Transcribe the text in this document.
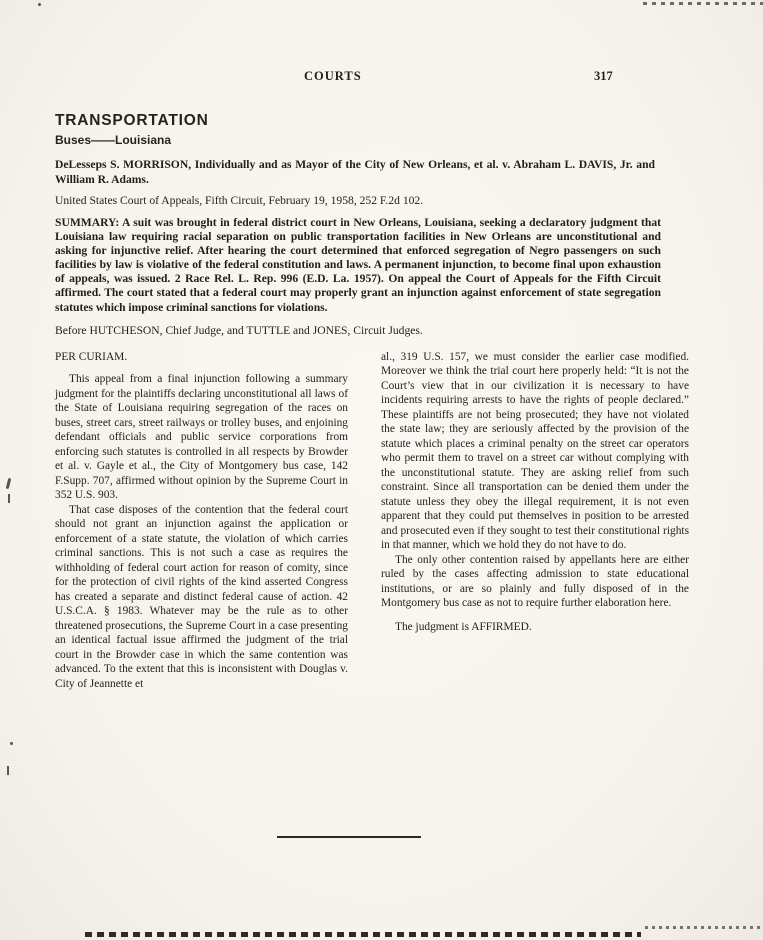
COURTS	317
TRANSPORTATION
Buses——Louisiana

DeLesseps S. MORRISON, Individually and as Mayor of the City of New Orleans, et al. v. Abraham L. DAVIS, Jr. and William R. Adams.

United States Court of Appeals, Fifth Circuit, February 19, 1958, 252 F.2d 102.

SUMMARY: A suit was brought in federal district court in New Orleans, Louisiana, seeking a declaratory judgment that Louisiana law requiring racial separation on public transportation facilities in New Orleans are unconstitutional and asking for injunctive relief. After hearing the court determined that enforced segregation of Negro passengers on such facilities by law is violative of the federal constitution and laws. A permanent injunction, to become final upon exhaustion of appeals, was issued. 2 Race Rel. L. Rep. 996 (E.D. La. 1957). On appeal the Court of Appeals for the Fifth Circuit affirmed. The court stated that a federal court may properly grant an injunction against enforcement of state segregation statutes which impose criminal sanctions for violations.

Before HUTCHESON, Chief Judge, and TUTTLE and JONES, Circuit Judges.

PER CURIAM.

This appeal from a final injunction following a summary judgment for the plaintiffs declaring unconstitutional all laws of the State of Louisiana requiring segregation of the races on buses, street cars, street railways or trolley buses, and enjoining defendant officials and public service corporations from enforcing such statutes is controlled in all respects by Browder et al. v. Gayle et al., the City of Montgomery bus case, 142 F.Supp. 707, affirmed without opinion by the Supreme Court in 352 U.S. 903.

That case disposes of the contention that the federal court should not grant an injunction against the application or enforcement of a state statute, the violation of which carries criminal sanctions. This is not such a case as requires the withholding of federal court action for reason of comity, since for the protection of civil rights of the kind asserted Congress has created a separate and distinct federal cause of action. 42 U.S.C.A. § 1983. Whatever may be the rule as to other threatened prosecutions, the Supreme Court in a case presenting an identical factual issue affirmed the judgment of the trial court in the Browder case in which the same contention was advanced. To the extent that this is inconsistent with Douglas v. City of Jeannette et

al., 319 U.S. 157, we must consider the earlier case modified. Moreover we think the trial court here properly held: “It is not the Court’s view that in our civilization it is necessary to have incidents requiring arrests to have the rights of people declared.” These plaintiffs are not being prosecuted; they have not violated the state law; they are seriously affected by the provision of the statute which places a criminal penalty on the street car operators who permit them to travel on a street car without complying with the unconstitutional statute. They are asking relief from such constraint. Since all transportation can be denied them under the statute unless they obey the illegal requirement, it is not even apparent that they could put themselves in position to be arrested and prosecuted even if they sought to test their constitutional rights in that manner, which we hold they do not have to do.

The only other contention raised by appellants here are either ruled by the cases affecting admission to state educational institutions, or are so plainly and fully disposed of in the Montgomery bus case as not to require further elaboration here.

The judgment is AFFIRMED.
